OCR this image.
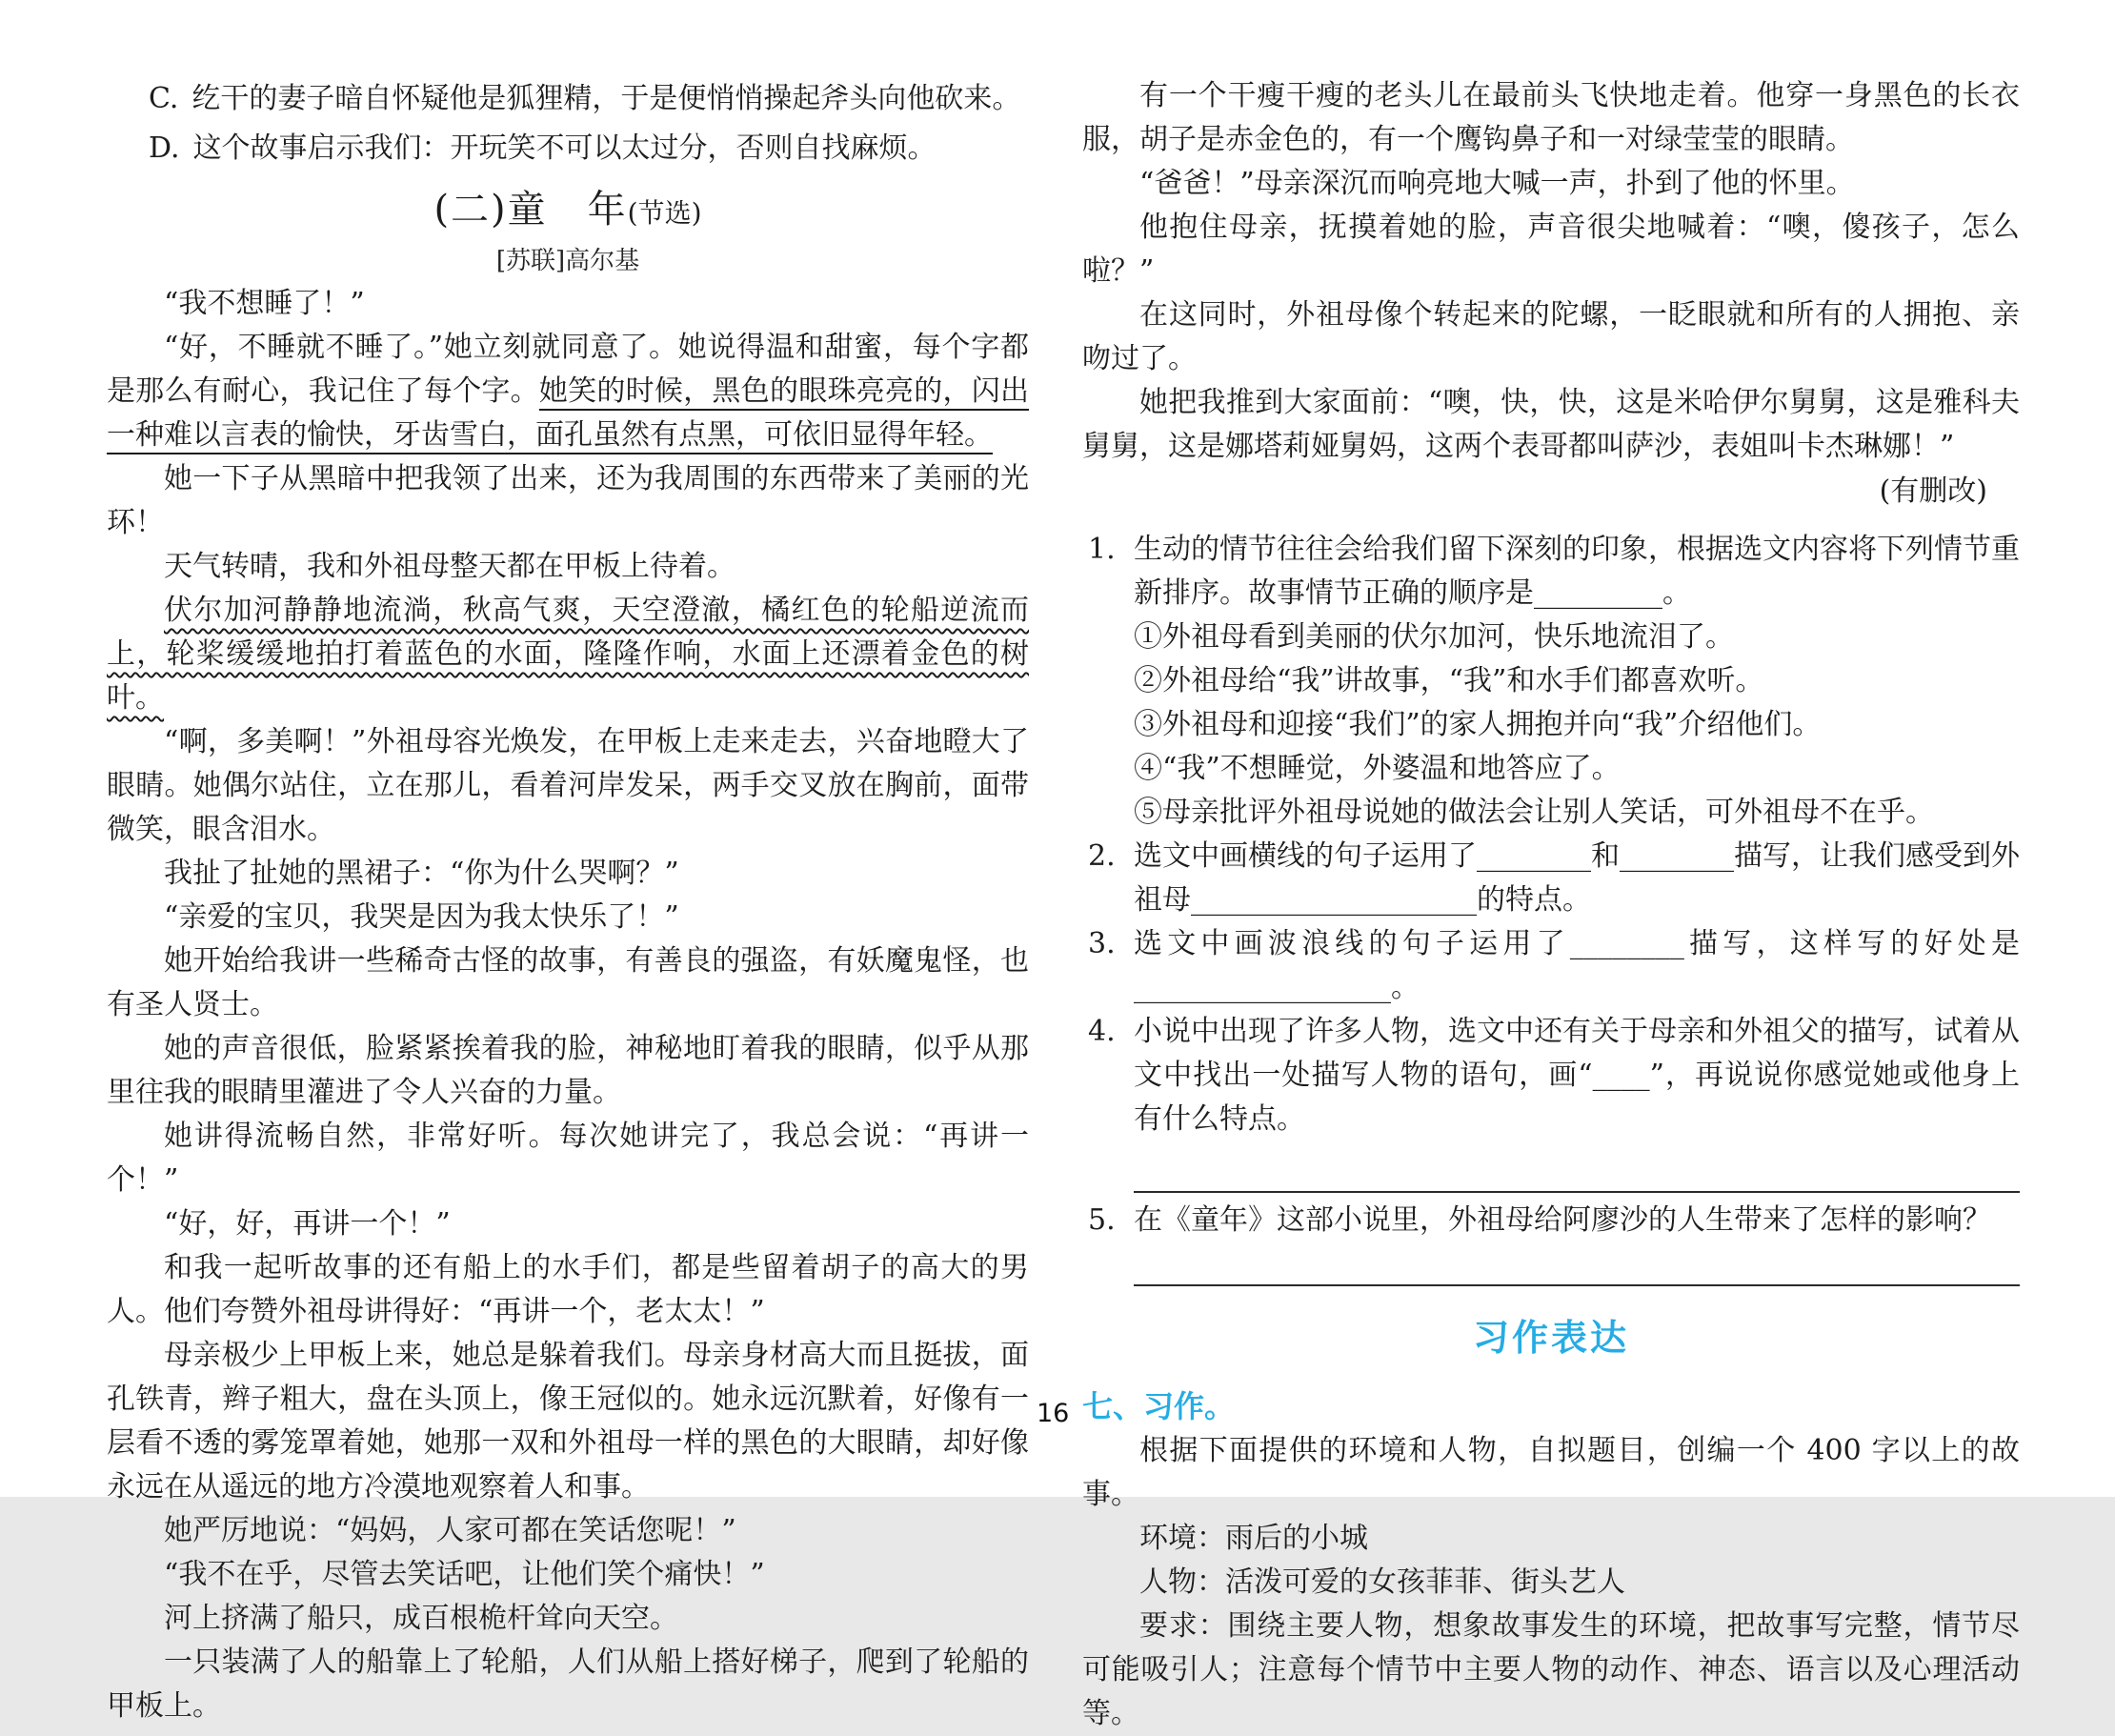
C. 纥干的妻子暗自怀疑他是狐狸精，于是便悄悄操起斧头向他砍来。
D. 这个故事启示我们：开玩笑不可以太过分，否则自找麻烦。
(二)童　年(节选)
[苏联]高尔基

“我不想睡了！”

“好，不睡就不睡了。”她立刻就同意了。她说得温和甜蜜，每个字都是那么有耐心，我记住了每个字。她笑的时候，黑色的眼珠亮亮的，闪出一种难以言表的愉快，牙齿雪白，面孔虽然有点黑，可依旧显得年轻。

她一下子从黑暗中把我领了出来，还为我周围的东西带来了美丽的光环！

天气转晴，我和外祖母整天都在甲板上待着。

伏尔加河静静地流淌，秋高气爽，天空澄澈，橘红色的轮船逆流而上，轮桨缓缓地拍打着蓝色的水面，隆隆作响，水面上还漂着金色的树叶。

“啊，多美啊！”外祖母容光焕发，在甲板上走来走去，兴奋地瞪大了眼睛。她偶尔站住，立在那儿，看着河岸发呆，两手交叉放在胸前，面带微笑，眼含泪水。

我扯了扯她的黑裙子：“你为什么哭啊？”

“亲爱的宝贝，我哭是因为我太快乐了！”

她开始给我讲一些稀奇古怪的故事，有善良的强盗，有妖魔鬼怪，也有圣人贤士。

她的声音很低，脸紧紧挨着我的脸，神秘地盯着我的眼睛，似乎从那里往我的眼睛里灌进了令人兴奋的力量。

她讲得流畅自然，非常好听。每次她讲完了，我总会说：“再讲一个！”

“好，好，再讲一个！”

和我一起听故事的还有船上的水手们，都是些留着胡子的高大的男人。他们夸赞外祖母讲得好：“再讲一个，老太太！”

母亲极少上甲板上来，她总是躲着我们。母亲身材高大而且挺拔，面孔铁青，辫子粗大，盘在头顶上，像王冠似的。她永远沉默着，好像有一层看不透的雾笼罩着她，她那一双和外祖母一样的黑色的大眼睛，却好像永远在从遥远的地方冷漠地观察着人和事。

她严厉地说：“妈妈，人家可都在笑话您呢！”

“我不在乎，尽管去笑话吧，让他们笑个痛快！”

河上挤满了船只，成百根桅杆耸向天空。

一只装满了人的船靠上了轮船，人们从船上搭好梯子，爬到了轮船的甲板上。

有一个干瘦干瘦的老头儿在最前头飞快地走着。他穿一身黑色的长衣服，胡子是赤金色的，有一个鹰钩鼻子和一对绿莹莹的眼睛。

“爸爸！”母亲深沉而响亮地大喊一声，扑到了他的怀里。

他抱住母亲，抚摸着她的脸，声音很尖地喊着：“噢，傻孩子，怎么啦？”

在这同时，外祖母像个转起来的陀螺，一眨眼就和所有的人拥抱、亲吻过了。

她把我推到大家面前：“噢，快，快，这是米哈伊尔舅舅，这是雅科夫舅舅，这是娜塔莉娅舅妈，这两个表哥都叫萨沙，表姐叫卡杰琳娜！”

(有删改)
1. 生动的情节往往会给我们留下深刻的印象，根据选文内容将下列情节重新排序。故事情节正确的顺序是_________。
①外祖母看到美丽的伏尔加河，快乐地流泪了。
②外祖母给“我”讲故事，“我”和水手们都喜欢听。
③外祖母和迎接“我们”的家人拥抱并向“我”介绍他们。
④“我”不想睡觉，外婆温和地答应了。
⑤母亲批评外祖母说她的做法会让别人笑话，可外祖母不在乎。
2. 选文中画横线的句子运用了________和________描写，让我们感受到外祖母____________________的特点。
3. 选文中画波浪线的句子运用了________描写，这样写的好处是__________________。
4. 小说中出现了许多人物，选文中还有关于母亲和外祖父的描写，试着从文中找出一处描写人物的语句，画“____”，再说说你感觉她或他身上有什么特点。
5. 在《童年》这部小说里，外祖母给阿廖沙的人生带来了怎样的影响？
习作表达
七、习作。

根据下面提供的环境和人物，自拟题目，创编一个 400 字以上的故事。

环境：雨后的小城

人物：活泼可爱的女孩菲菲、街头艺人

要求：围绕主要人物，想象故事发生的环境，把故事写完整，情节尽可能吸引人；注意每个情节中主要人物的动作、神态、语言以及心理活动等。

16
